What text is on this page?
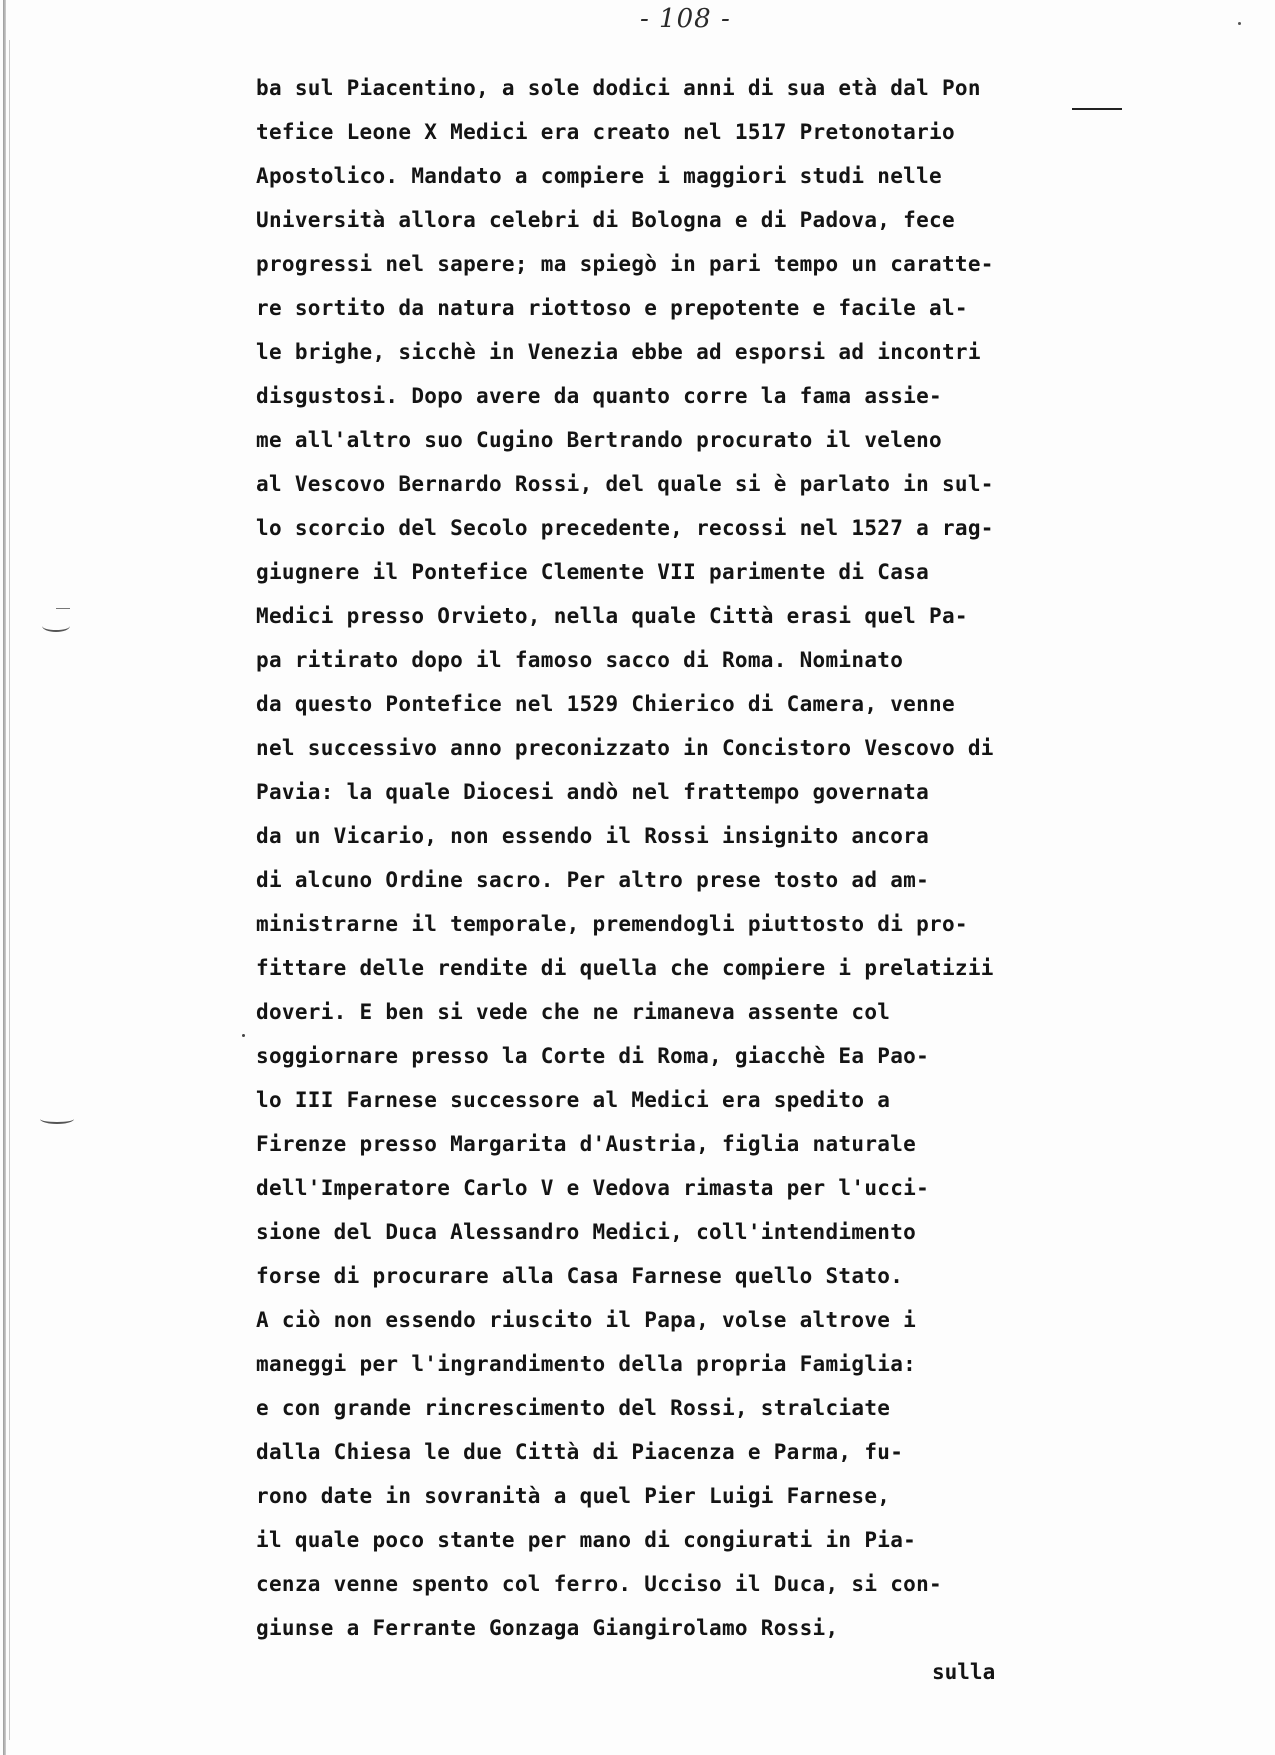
- 108 -
ba sul Piacentino, a sole dodici anni di sua età dal Pon
tefice Leone X Medici era creato nel 1517 Pretonotario
Apostolico. Mandato a compiere i maggiori studi nelle
Università allora celebri di Bologna e di Padova, fece
progressi nel sapere; ma spiegò in pari tempo un caratte-
re sortito da natura riottoso e prepotente e facile al-
le brighe, sicchè in Venezia ebbe ad esporsi ad incontri
disgustosi. Dopo avere da quanto corre la fama assie-
me all'altro suo Cugino Bertrando procurato il veleno
al Vescovo Bernardo Rossi, del quale si è parlato in sul-
lo scorcio del Secolo precedente, recossi nel 1527 a rag-
giugnere il Pontefice Clemente VII parimente di Casa
Medici presso Orvieto, nella quale Città erasi quel Pa-
pa ritirato dopo il famoso sacco di Roma. Nominato
da questo Pontefice nel 1529 Chierico di Camera, venne
nel successivo anno preconizzato in Concistoro Vescovo di
Pavia: la quale Diocesi andò nel frattempo governata
da un Vicario, non essendo il Rossi insignito ancora
di alcuno Ordine sacro. Per altro prese tosto ad am-
ministrarne il temporale, premendogli piuttosto di pro-
fittare delle rendite di quella che compiere i prelatizii
doveri. E ben si vede che ne rimaneva assente col
soggiornare presso la Corte di Roma, giacchè Ea Pao-
lo III Farnese successore al Medici era spedito a
Firenze presso Margarita d'Austria, figlia naturale
dell'Imperatore Carlo V e Vedova rimasta per l'ucci-
sione del Duca Alessandro Medici, coll'intendimento
forse di procurare alla Casa Farnese quello Stato.
A ciò non essendo riuscito il Papa, volse altrove i
maneggi per l'ingrandimento della propria Famiglia:
e con grande rincrescimento del Rossi, stralciate
dalla Chiesa le due Città di Piacenza e Parma, fu-
rono date in sovranità a quel Pier Luigi Farnese,
il quale poco stante per mano di congiurati in Pia-
cenza venne spento col ferro. Ucciso il Duca, si con-
giunse a Ferrante Gonzaga Giangirolamo Rossi,
sulla
